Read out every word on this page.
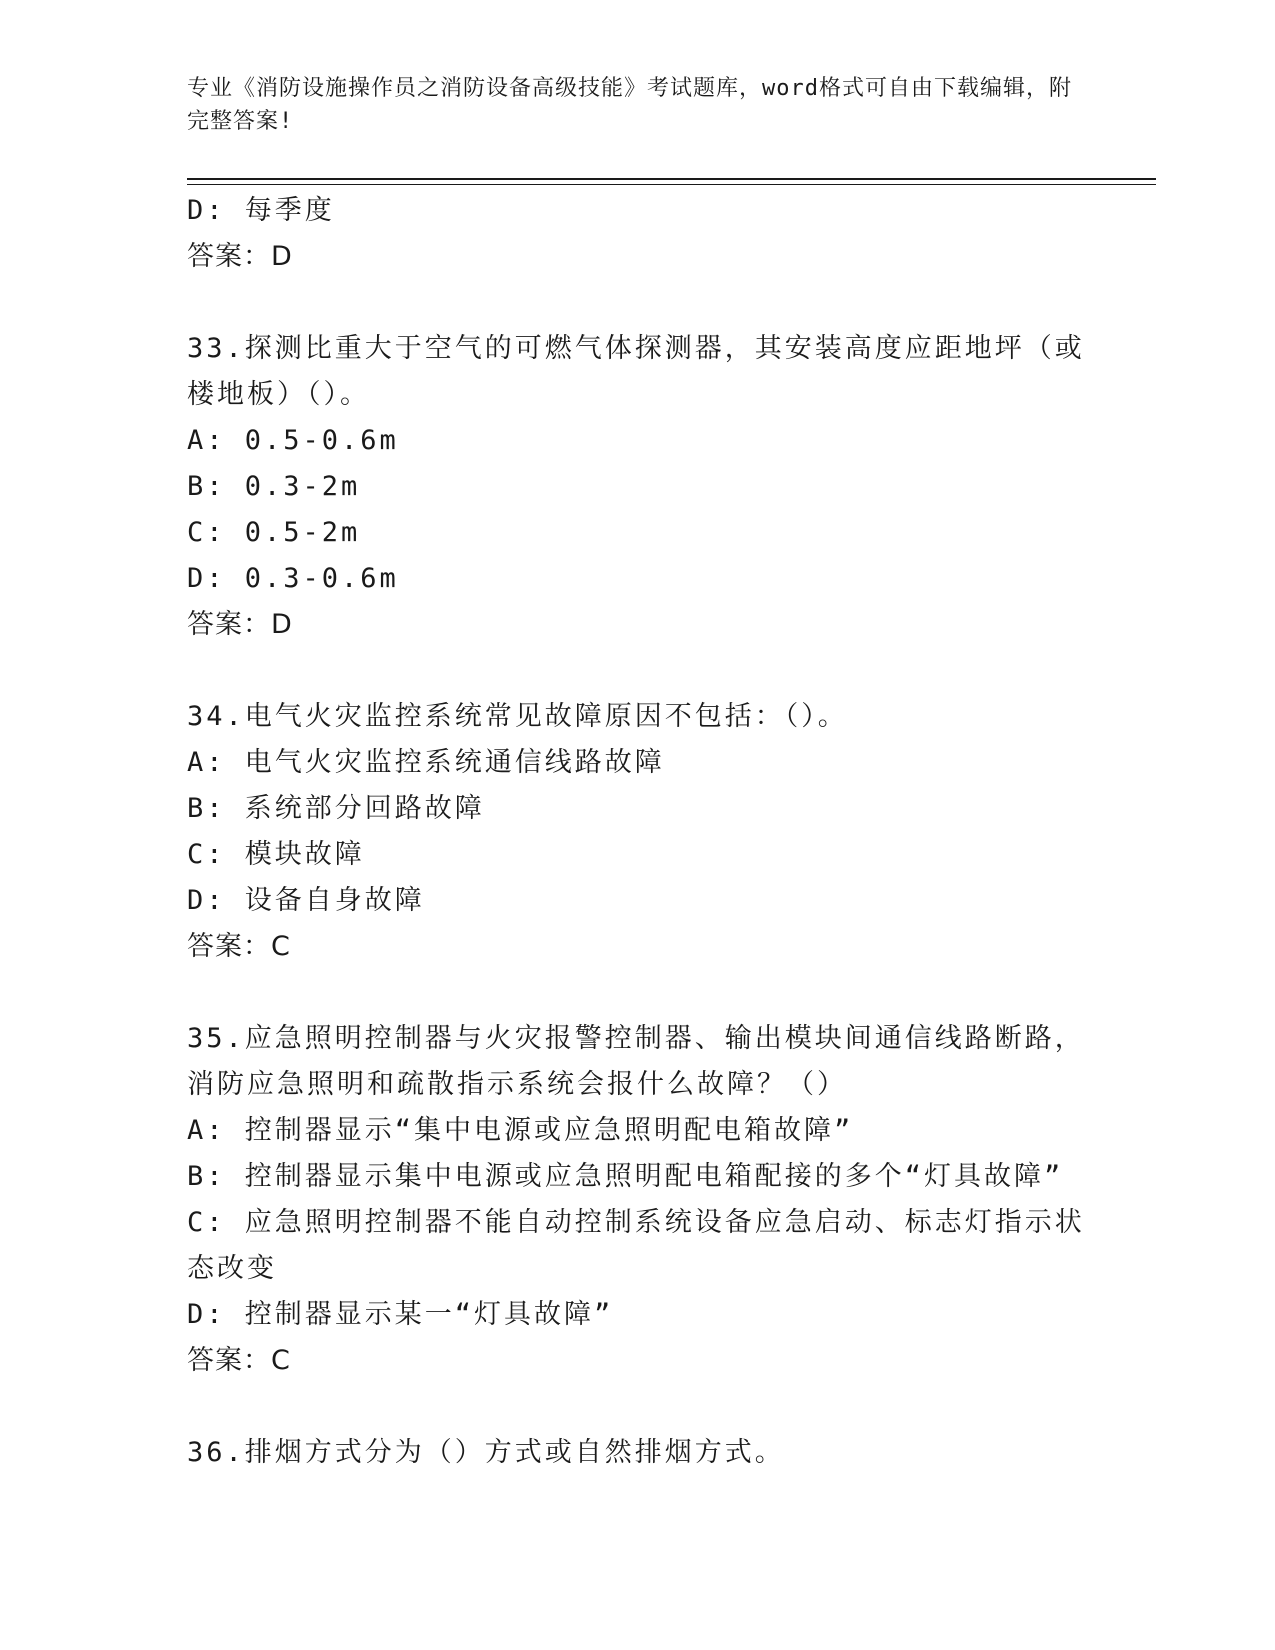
专业《消防设施操作员之消防设备高级技能》考试题库，word格式可自由下载编辑，附完整答案!
D: 每季度
答案：D
33.探测比重大于空气的可燃气体探测器，其安装高度应距地坪（或楼地板）（）。
A: 0.5-0.6m
B: 0.3-2m
C: 0.5-2m
D: 0.3-0.6m
答案：D
34.电气火灾监控系统常见故障原因不包括：（）。
A: 电气火灾监控系统通信线路故障
B: 系统部分回路故障
C: 模块故障
D: 设备自身故障
答案：C
35.应急照明控制器与火灾报警控制器、输出模块间通信线路断路，消防应急照明和疏散指示系统会报什么故障？（）
A: 控制器显示“集中电源或应急照明配电箱故障”
B: 控制器显示集中电源或应急照明配电箱配接的多个“灯具故障”
C: 应急照明控制器不能自动控制系统设备应急启动、标志灯指示状态改变
D: 控制器显示某一“灯具故障”
答案：C
36.排烟方式分为（）方式或自然排烟方式。
